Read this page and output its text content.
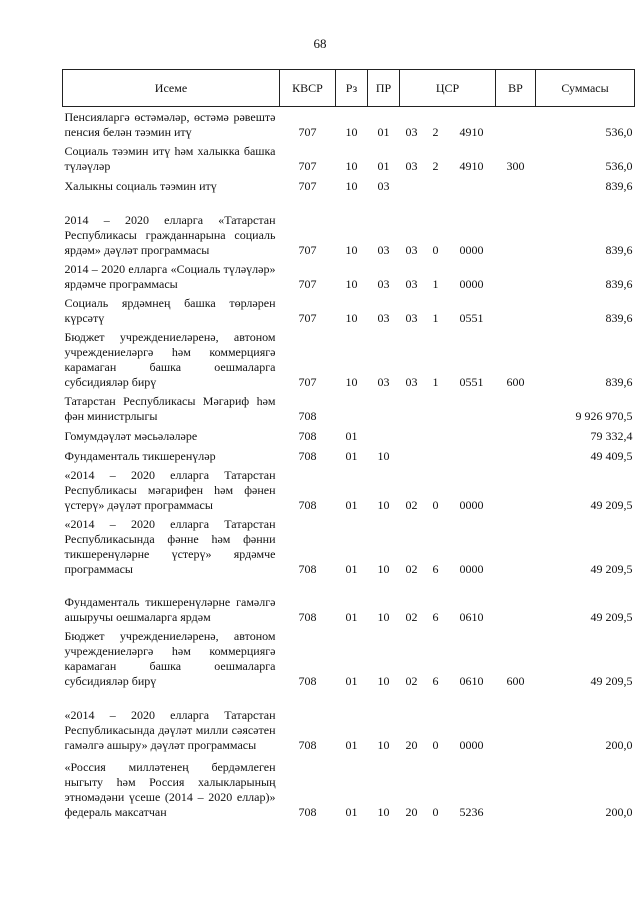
68
Исеме	КВСР	Рз	ПР	ЦСР			ВР	Суммасы
Пенсияларгә өстәмәләр, өстәмә рәвештә пенсия белән тәэмин итү	707	10	01	03	2	4910		536,0
Социаль тәэмин итү һәм халыкка башка түләүләр	707	10	01	03	2	4910	300	536,0
Халыкны социаль тәэмин итү	707	10	03					839,6
2014 – 2020 елларга «Татарстан Республикасы гражданнарына социаль ярдәм» дәүләт программасы	707	10	03	03	0	0000		839,6
2014 – 2020 елларга «Социаль түләүләр» ярдәмче программасы	707	10	03	03	1	0000		839,6
Социаль ярдәмнең башка төрләрен күрсәтү	707	10	03	03	1	0551		839,6
Бюджет учреждениеләренә, автоном учреждениеләргә һәм коммерциягә карамаган башка оешмаларга субсидияләр бирү	707	10	03	03	1	0551	600	839,6
Татарстан Республикасы Мәгариф һәм фән министрлыгы	708							9 926 970,5
Гомумдәүләт мәсьәләләре	708	01						79 332,4
Фундаменталь тикшеренүләр	708	01	10					49 409,5
«2014 – 2020 елларга Татарстан Республикасы мәгарифен һәм фәнен үстерү» дәүләт программасы	708	01	10	02	0	0000		49 209,5
«2014 – 2020 елларга Татарстан Республикасында фәнне һәм фәнни тикшеренүләрне үстерү» ярдәмче программасы	708	01	10	02	6	0000		49 209,5
Фундаменталь тикшеренүләрне гамәлгә ашыручы оешмаларга ярдәм	708	01	10	02	6	0610		49 209,5
Бюджет учреждениеләренә, автоном учреждениеләргә һәм коммерциягә карамаган башка оешмаларга субсидияләр бирү	708	01	10	02	6	0610	600	49 209,5
«2014 – 2020 елларга Татарстан Республикасында дәүләт милли сәясәтен гамәлгә ашыру» дәүләт программасы	708	01	10	20	0	0000		200,0
«Россия милләтенең бердәмлеген ныгыту һәм Россия халыкларының этномәдәни үсеше (2014 – 2020 еллар)» федераль максатчан	708	01	10	20	0	5236		200,0
